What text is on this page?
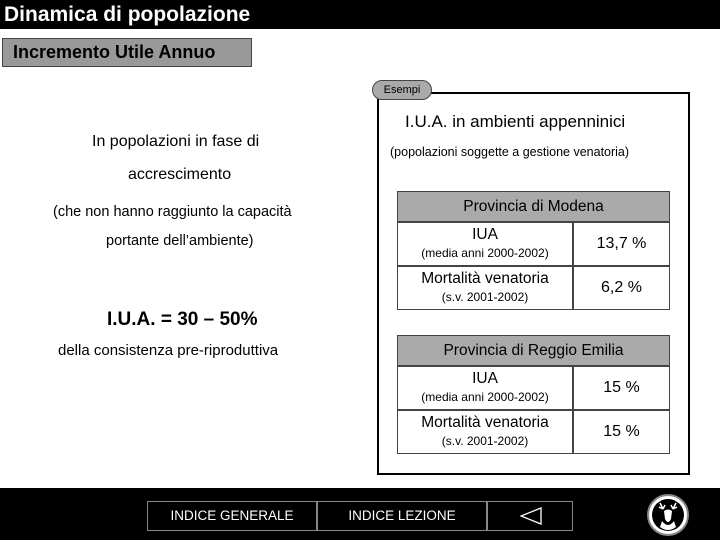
Dinamica di popolazione
Incremento Utile Annuo
In popolazioni in fase di
accrescimento
(che non hanno raggiunto la capacità
portante dell’ambiente)
I.U.A. = 30 – 50%
della consistenza pre-riproduttiva
Esempi
I.U.A. in ambienti appenninici
(popolazioni soggette a gestione venatoria)
Provincia di Modena
IUA
(media anni 2000-2002)
13,7 %
Mortalità venatoria
(s.v. 2001-2002)
6,2 %
Provincia di Reggio Emilia
IUA
(media anni 2000-2002)
15 %
Mortalità venatoria
(s.v. 2001-2002)
15 %
INDICE GENERALE	INDICE LEZIONE
